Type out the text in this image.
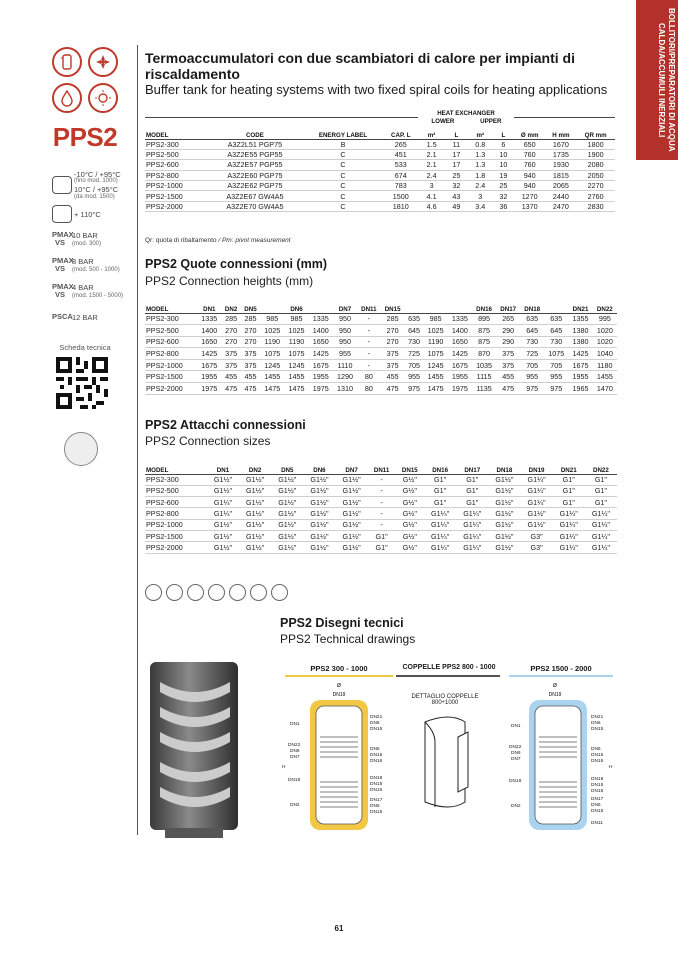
BOLLITORI/PREPARATORI DI ACQUA CALDA/ACCUMULI INERZIALI
PPS2
-10°C / +95°C
(fino mod. 1000)
10°C / +95°C
(da mod. 1500)
+ 110°C
PMAX
VS
10 BAR
(mod. 300)
PMAX
VS
8 BAR
(mod. 500 - 1000)
PMAX
VS
4 BAR
(mod. 1500 - 5000)
PSCA 12 BAR
Scheda tecnica
Termoaccumulatori con due scambiatori di calore per impianti di riscaldamento
Buffer tank for heating systems with two fixed spiral coils for heating applications
				HEAT EXCHANGER						
				LOWER		UPPER				
MODEL	CODE	ENERGY LABEL	CAP. L	m²	L	m²	L	Ø mm	H mm	QR mm
PPS2-300	A3Z2L51 PGP75	B	265	1.5	11	0.8	6	650	1670	1800
PPS2-500	A3Z2E55 PGP55	C	451	2.1	17	1.3	10	760	1735	1900
PPS2-600	A3Z2E57 PGP55	C	533	2.1	17	1.3	10	760	1930	2080
PPS2-800	A3Z2E60 PGP75	C	674	2.4	25	1.8	19	940	1815	2050
PPS2-1000	A3Z2E62 PGP75	C	783	3	32	2.4	25	940	2065	2270
PPS2-1500	A3Z2E67 GW4A5	C	1500	4.1	43	3	32	1270	2440	2760
PPS2-2000	A3Z2E70 GW4A5	C	1810	4.6	49	3.4	36	1370	2470	2830
Qr: quota di ribaltamento / Pm: pivot measurement
PPS2 Quote connessioni (mm)
PPS2 Connection heights (mm)
MODEL	DN1	DN2	DN5		DN6		DN7	DN11	DN15				DN16	DN17	DN18		DN21	DN22
PPS2-300	1335	285	285	985	985	1335	950	-	285	635	985	1335	895	265	635	635	1355	995
PPS2-500	1400	270	270	1025	1025	1400	950	-	270	645	1025	1400	875	290	645	645	1380	1020
PPS2-600	1650	270	270	1190	1190	1650	950	-	270	730	1190	1650	875	290	730	730	1380	1020
PPS2-800	1425	375	375	1075	1075	1425	955	-	375	725	1075	1425	870	375	725	1075	1425	1040
PPS2-1000	1675	375	375	1245	1245	1675	1110	-	375	705	1245	1675	1035	375	705	705	1675	1180
PPS2-1500	1955	455	455	1455	1455	1955	1290	80	455	955	1455	1955	1115	455	955	955	1955	1455
PPS2-2000	1975	475	475	1475	1475	1975	1310	80	475	975	1475	1975	1135	475	975	975	1965	1470
PPS2 Attacchi connessioni
PPS2 Connection sizes
MODEL	DN1	DN2	DN5	DN6	DN7	DN11	DN15	DN16	DN17	DN18	DN19	DN21	DN22
PPS2-300	G1½"	G1½"	G1½"	G1½"	G1½"	-	G½"	G1"	G1"	G1½"	G1¼"	G1"	G1"
PPS2-500	G1½"	G1½"	G1½"	G1½"	G1½"	-	G½"	G1"	G1"	G1½"	G1¼"	G1"	G1"
PPS2-600	G1¼"	G1½"	G1½"	G1½"	G1½"	-	G½"	G1"	G1"	G1½"	G1¼"	G1"	G1"
PPS2-800	G1¼"	G1½"	G1½"	G1½"	G1½"	-	G½"	G1¼"	G1¼"	G1½"	G1½"	G1¼"	G1¼"
PPS2-1000	G1½"	G1½"	G1½"	G1½"	G1½"	-	G½"	G1¼"	G1¼"	G1½"	G1½"	G1¼"	G1¼"
PPS2-1500	G1½"	G1½"	G1½"	G1½"	G1½"	G1"	G½"	G1¼"	G1¼"	G1½"	G3"	G1¼"	G1¼"
PPS2-2000	G1½"	G1½"	G1½"	G1½"	G1½"	G1"	G½"	G1¼"	G1¼"	G1½"	G3"	G1¼"	G1¼"
PPS2 Disegni tecnici
PPS2 Technical drawings
PPS2 300 - 1000
Ø
DN19
DN1
DN22
DN6
DN7
H
DN18
DN2
DN21
DN6
DN15
DN5
DN15
DN16
DN18
DN15
DN16
DN17
DN5
DN15
COPPELLE PPS2 800 - 1000
DETTAGLIO COPPELLE
800÷1000
PPS2 1500 - 2000
Ø
DN19
DN1
DN22
DN6
DN7
DN18
DN2
DN21
DN6
DN15
DN5
DN15
DN16
H
DN18
DN15
DN16
DN17
DN5
DN15
DN11
61
